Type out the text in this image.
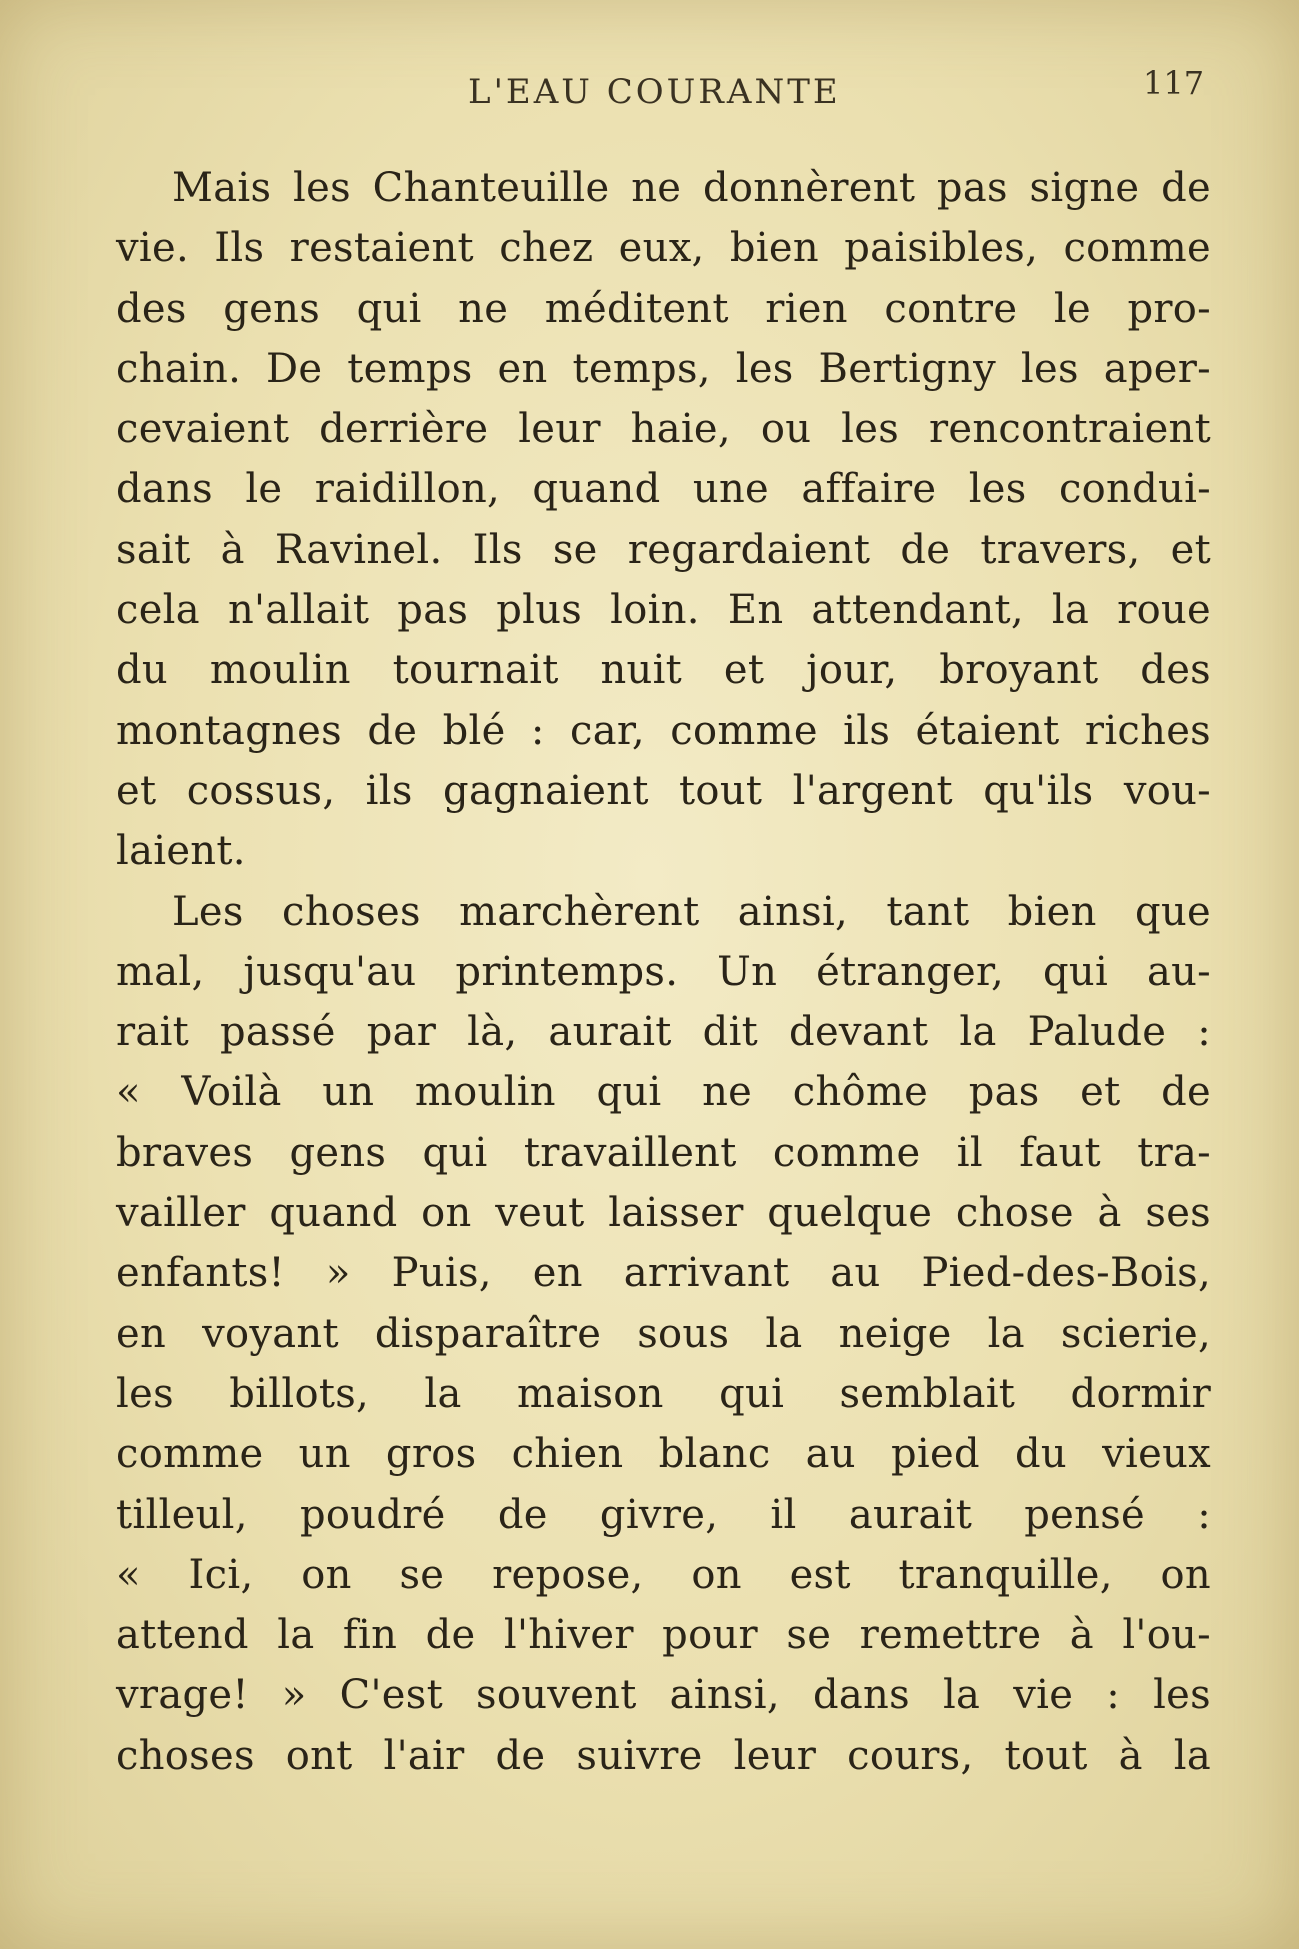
L'EAU COURANTE	117
Mais les Chanteuille ne donnèrent pas signe de
vie. Ils restaient chez eux, bien paisibles, comme
des gens qui ne méditent rien contre le pro-
chain. De temps en temps, les Bertigny les aper-
cevaient derrière leur haie, ou les rencontraient
dans le raidillon, quand une affaire les condui-
sait à Ravinel. Ils se regardaient de travers, et
cela n'allait pas plus loin. En attendant, la roue
du moulin tournait nuit et jour, broyant des
montagnes de blé : car, comme ils étaient riches
et cossus, ils gagnaient tout l'argent qu'ils vou-
laient.
Les choses marchèrent ainsi, tant bien que
mal, jusqu'au printemps. Un étranger, qui au-
rait passé par là, aurait dit devant la Palude :
« Voilà un moulin qui ne chôme pas et de
braves gens qui travaillent comme il faut tra-
vailler quand on veut laisser quelque chose à ses
enfants! » Puis, en arrivant au Pied-des-Bois,
en voyant disparaître sous la neige la scierie,
les billots, la maison qui semblait dormir
comme un gros chien blanc au pied du vieux
tilleul, poudré de givre, il aurait pensé :
« Ici, on se repose, on est tranquille, on
attend la fin de l'hiver pour se remettre à l'ou-
vrage! » C'est souvent ainsi, dans la vie : les
choses ont l'air de suivre leur cours, tout à la
